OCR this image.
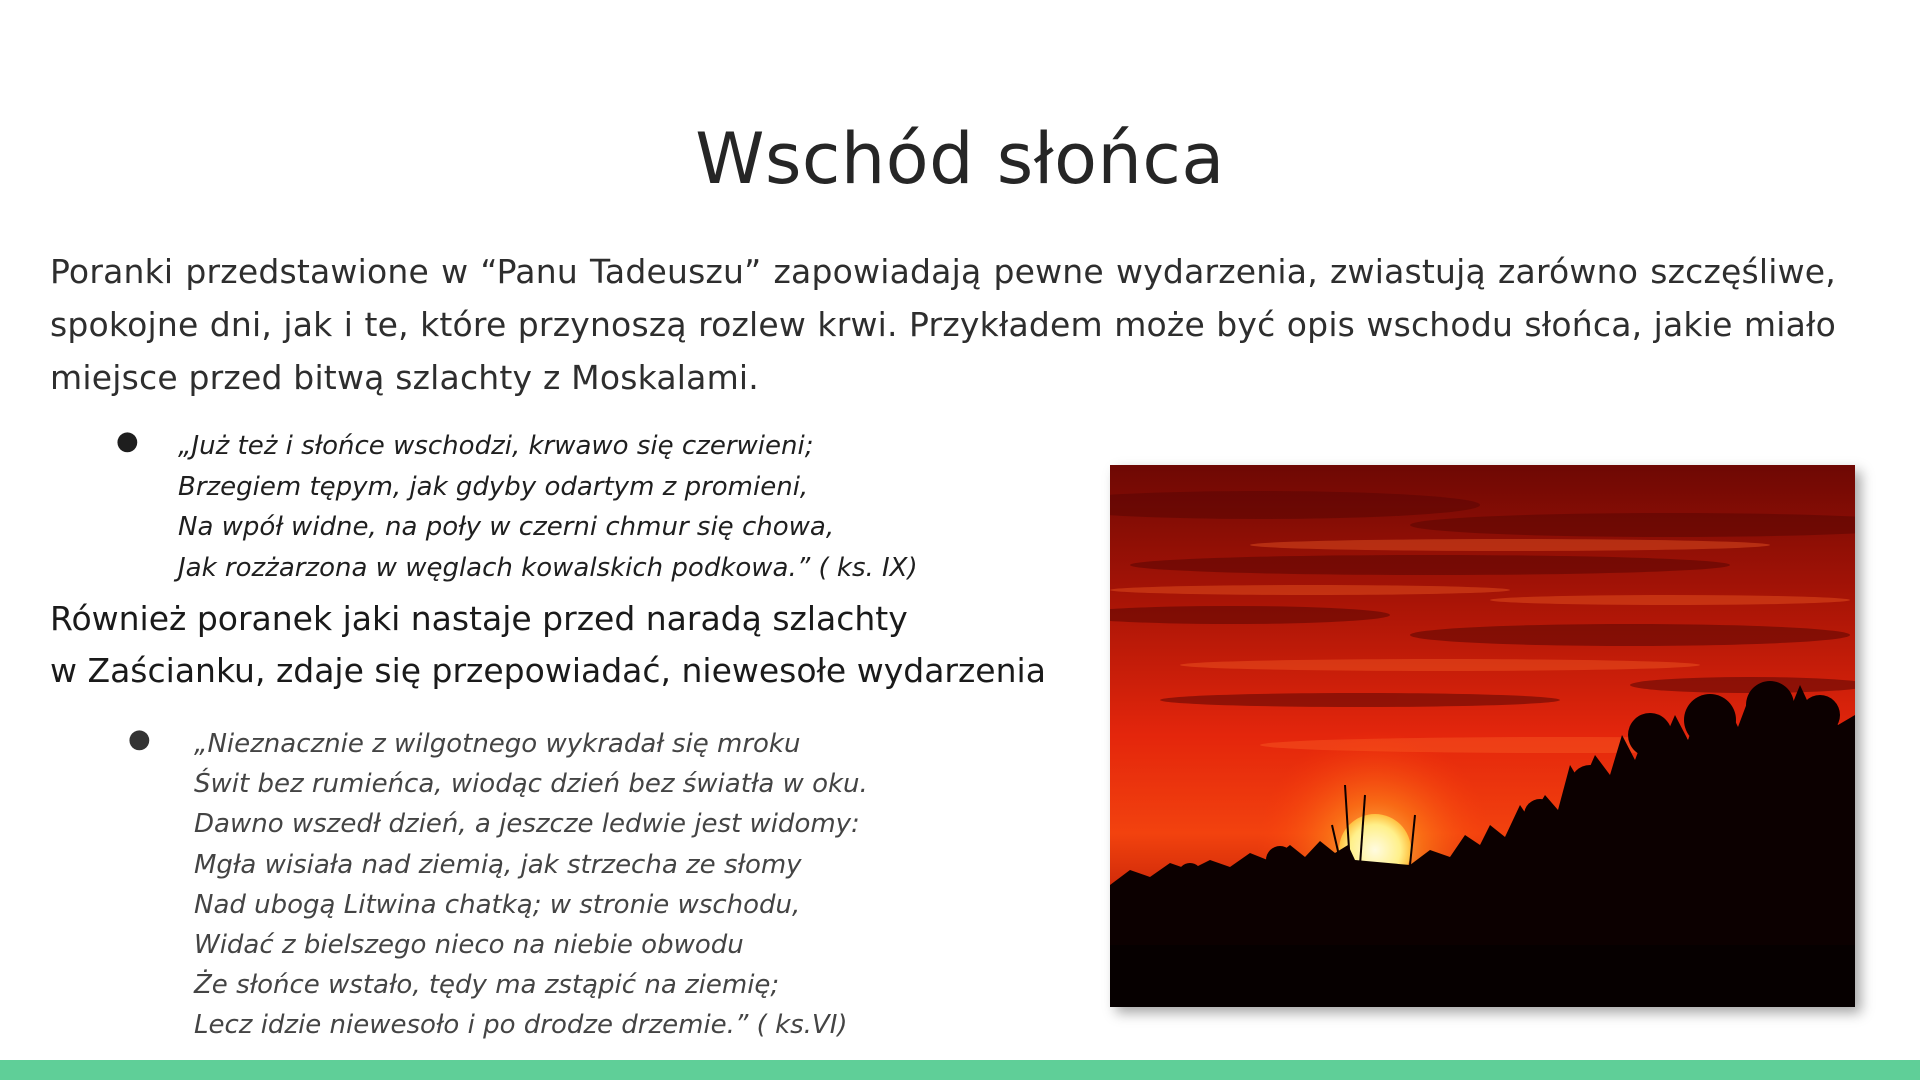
Wschód słońca

Poranki przedstawione w “Panu Tadeuszu” zapowiadają pewne wydarzenia, zwiastują zarówno szczęśliwe, spokojne dni, jak i te, które przynoszą rozlew krwi. Przykładem może być opis wschodu słońca, jakie miało miejsce przed bitwą szlachty z Moskalami.

● „Już też i słońce wschodzi, krwawo się czerwieni;
Brzegiem tępym, jak gdyby odartym z promieni,
Na wpół widne, na poły w czerni chmur się chowa,
Jak rozżarzona w węglach kowalskich podkowa.” ( ks. IX)

Również poranek jaki nastaje przed naradą szlachty
w Zaścianku, zdaje się przepowiadać, niewesołe wydarzenia

● „Nieznacznie z wilgotnego wykradał się mroku
Świt bez rumieńca, wiodąc dzień bez światła w oku.
Dawno wszedł dzień, a jeszcze ledwie jest widomy:
Mgła wisiała nad ziemią, jak strzecha ze słomy
Nad ubogą Litwina chatką; w stronie wschodu,
Widać z bielszego nieco na niebie obwodu
Że słońce wstało, tędy ma zstąpić na ziemię;
Lecz idzie niewesoło i po drodze drzemie.” ( ks.VI)
